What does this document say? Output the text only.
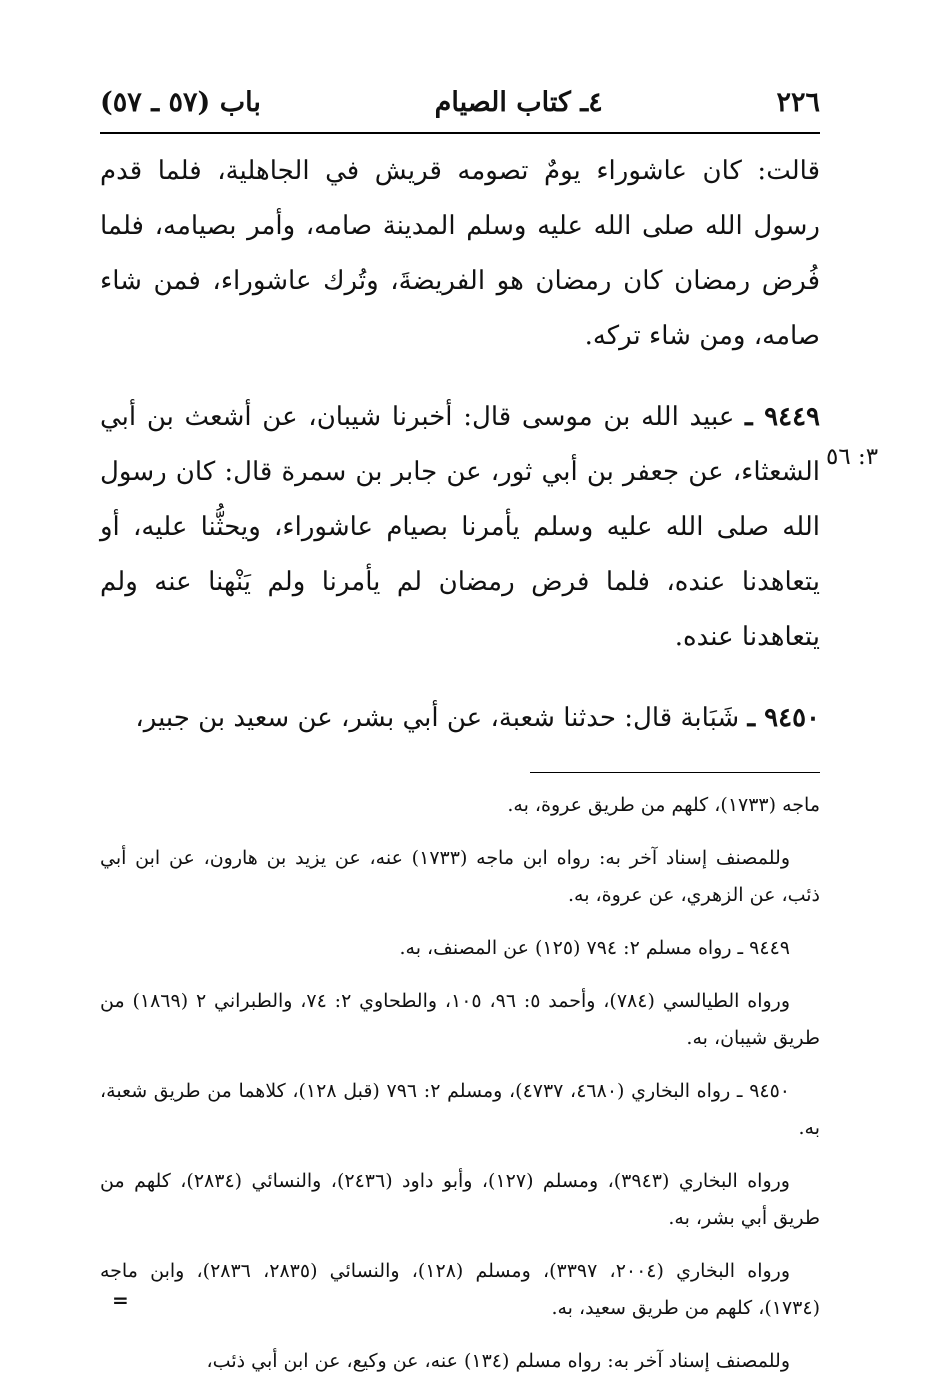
٢٢٦
٤ـ كتاب الصيام
باب (٥٧ ـ ٥٧)

قالت: كان عاشوراء يومٌ تصومه قريش في الجاهلية، فلما قدم رسول الله صلى الله عليه وسلم المدينة صامه، وأمر بصيامه، فلما فُرض رمضان كان رمضان هو الفريضةَ، وتُرك عاشوراء، فمن شاء صامه، ومن شاء تركه.

٩٤٤٩ ـ عبيد الله بن موسى قال: أخبرنا شيبان، عن أشعث بن أبي الشعثاء، عن جعفر بن أبي ثور، عن جابر بن سمرة قال: كان رسول الله صلى الله عليه وسلم يأمرنا بصيام عاشوراء، ويحثُّنا عليه، أو يتعاهدنا عنده، فلما فرض رمضان لم يأمرنا ولم يَنْهنا عنه ولم يتعاهدنا عنده.

٩٤٥٠ ـ شَبَابة قال: حدثنا شعبة، عن أبي بشر، عن سعيد بن جبير،

ماجه (١٧٣٣)، كلهم من طريق عروة، به.

وللمصنف إسناد آخر به: رواه ابن ماجه (١٧٣٣) عنه، عن يزيد بن هارون، عن ابن أبي ذئب، عن الزهري، عن عروة، به.

٩٤٤٩ ـ رواه مسلم ٢: ٧٩٤ (١٢٥) عن المصنف، به.

ورواه الطيالسي (٧٨٤)، وأحمد ٥: ٩٦، ١٠٥، والطحاوي ٢: ٧٤، والطبراني ٢ (١٨٦٩) من طريق شيبان، به.

٩٤٥٠ ـ رواه البخاري (٤٦٨٠، ٤٧٣٧)، ومسلم ٢: ٧٩٦ (قبل ١٢٨)، كلاهما من طريق شعبة، به.

ورواه البخاري (٣٩٤٣)، ومسلم (١٢٧)، وأبو داود (٢٤٣٦)، والنسائي (٢٨٣٤)، كلهم من طريق أبي بشر، به.

ورواه البخاري (٢٠٠٤، ٣٣٩٧)، ومسلم (١٢٨)، والنسائي (٢٨٣٥، ٢٨٣٦)، وابن ماجه (١٧٣٤)، كلهم من طريق سعيد، به.

وللمصنف إسناد آخر به: رواه مسلم (١٣٤) عنه، عن وكيع، عن ابن أبي ذئب،

٣: ٥٦
=
